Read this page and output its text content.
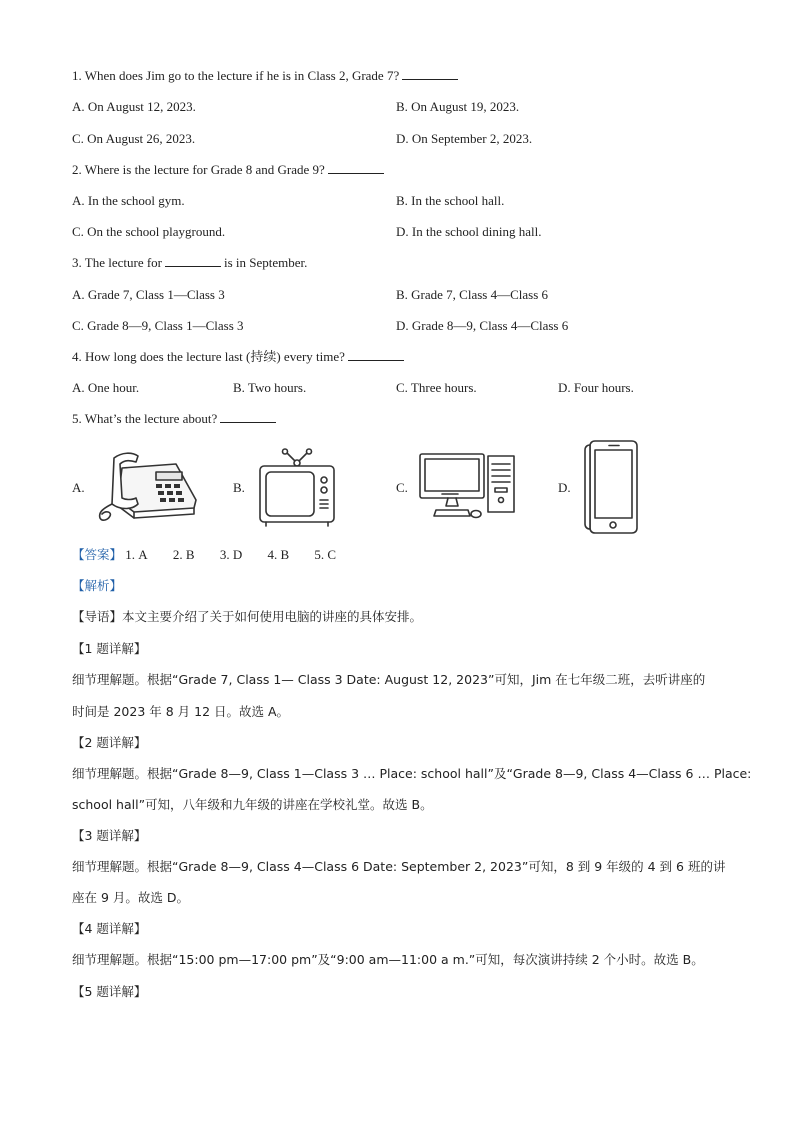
1. When does Jim go to the lecture if he is in Class 2, Grade 7?
A. On August 12, 2023.	B. On August 19, 2023.
C. On August 26, 2023.	D. On September 2, 2023.
2. Where is the lecture for Grade 8 and Grade 9?
A. In the school gym.	B. In the school hall.
C. On the school playground.	D. In the school dining hall.
3. The lecture for	is in September.
A. Grade 7, Class 1—Class 3	B. Grade 7, Class 4—Class 6
C. Grade 8—9, Class 1—Class 3	D. Grade 8—9, Class 4—Class 6
4. How long does the lecture last (持续) every time?
A. One hour.	B. Two hours.	C. Three hours.	D. Four hours.
5. What’s the lecture about?
A.	B.	C.	D.
【答案】 1. A 2. B 3. D 4. B 5. C
【解析】
【导语】本文主要介绍了关于如何使用电脑的讲座的具体安排。
【1 题详解】
细节理解题。根据“Grade 7, Class 1— Class 3 Date: August 12, 2023”可知，Jim 在七年级二班，去听讲座的
时间是 2023 年 8 月 12 日。故选 A。
【2 题详解】
细节理解题。根据“Grade 8—9, Class 1—Class 3 … Place: school hall”及“Grade 8—9, Class 4—Class 6 … Place:
school hall”可知，八年级和九年级的讲座在学校礼堂。故选 B。
【3 题详解】
细节理解题。根据“Grade 8—9, Class 4—Class 6 Date: September 2, 2023”可知，8 到 9 年级的 4 到 6 班的讲
座在 9 月。故选 D。
【4 题详解】
细节理解题。根据“15:00 pm—17:00 pm”及“9:00 am—11:00 a m.”可知，每次演讲持续 2 个小时。故选 B。
【5 题详解】
